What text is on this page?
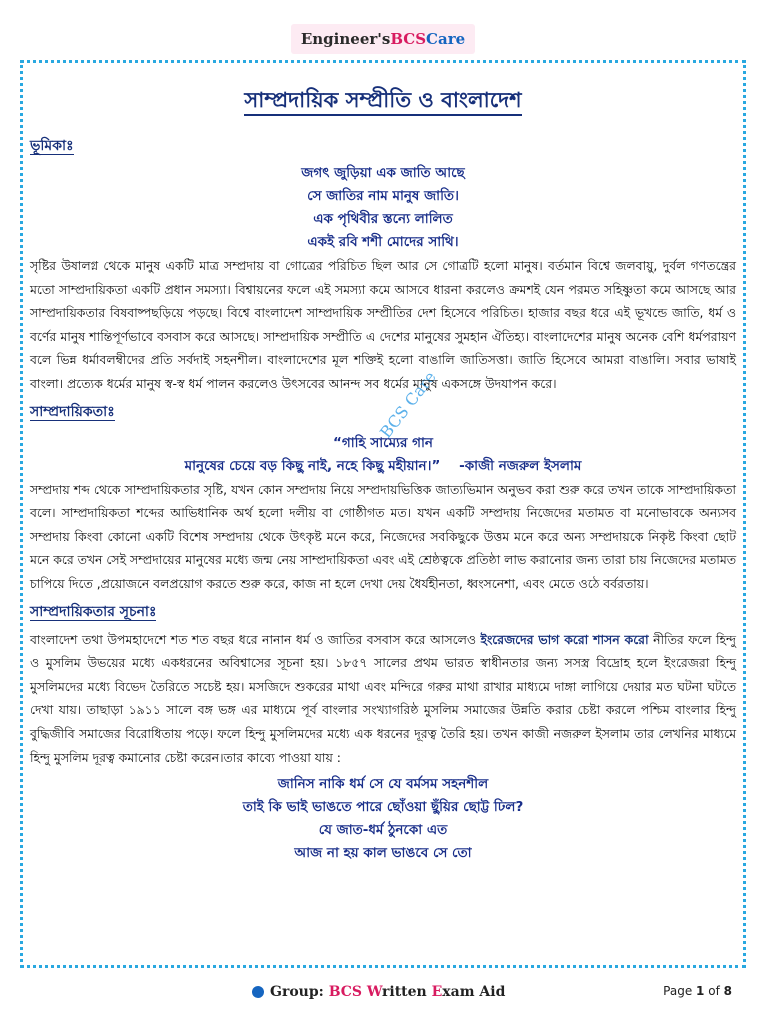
Engineer's BCS Care
BCS Care
সাম্প্রদায়িক সম্প্রীতি ও বাংলাদেশ
ভূমিকাঃ

জগৎ জুড়িয়া এক জাতি আছে

সে জাতির নাম মানুষ জাতি।

এক পৃথিবীর স্তন্যে লালিত

একই রবি শশী মোদের সাথি।

সৃষ্টির উষালগ্ন থেকে মানুষ একটি মাত্র সম্প্রদায় বা গোত্রের পরিচিত ছিল আর সে গোত্রটি হলো মানুষ। বর্তমান বিশ্বে জলবায়ু, দুর্বল গণতন্ত্রের মতো সাম্প্রদায়িকতা একটি প্রধান সমস্যা। বিশ্বায়নের ফলে এই সমস্যা কমে আসবে ধারনা করলেও ক্রমশই যেন পরমত সহিষ্ণুতা কমে আসছে আর সাম্প্রদায়িকতার বিষবাষ্পছড়িয়ে পড়ছে। বিশ্বে বাংলাদেশ সাম্প্রদায়িক সম্প্রীতির দেশ হিসেবে পরিচিত। হাজার বছর ধরে এই ভূখন্ডে জাতি, ধর্ম ও বর্ণের মানুষ শান্তিপূর্ণভাবে বসবাস করে আসছে। সাম্প্রদায়িক সম্প্রীতি এ দেশের মানুষের সুমহান ঐতিহ্য। বাংলাদেশের মানুষ অনেক বেশি ধর্মপরায়ণ বলে ভিন্ন ধর্মাবলম্বীদের প্রতি সর্বদাই সহনশীল। বাংলাদেশের মূল শক্তিই হলো বাঙালি জাতিসত্তা। জাতি হিসেবে আমরা বাঙালি। সবার ভাষাই বাংলা। প্রত্যেক ধর্মের মানুষ স্ব-স্ব ধর্ম পালন করলেও উৎসবের আনন্দ সব ধর্মের মানুষ একসঙ্গে উদযাপন করে।

সাম্প্রদায়িকতাঃ

“গাহি সাম্যের গান

মানুষের চেয়ে বড় কিছু নাই, নহে কিছু মহীয়ান।” -কাজী নজরুল ইসলাম

সম্প্রদায় শব্দ থেকে সাম্প্রদায়িকতার সৃষ্টি, যখন কোন সম্প্রদায় নিয়ে সম্প্রদায়ভিত্তিক জাত্যভিমান অনুভব করা শুরু করে তখন তাকে সাম্প্রদায়িকতা বলে। সাম্প্রদায়িকতা শব্দের আভিধানিক অর্থ হলো দলীয় বা গোষ্ঠীগত মত। যখন একটি সম্প্রদায় নিজেদের মতামত বা মনোভাবকে অন্যসব সম্প্রদায় কিংবা কোনো একটি বিশেষ সম্প্রদায় থেকে উৎকৃষ্ট মনে করে, নিজেদের সবকিছুকে উত্তম মনে করে অন্য সম্প্রদায়কে নিকৃষ্ট কিংবা ছোট মনে করে তখন সেই সম্প্রদায়ের মানুষের মধ্যে জন্ম নেয় সাম্প্রদায়িকতা এবং এই শ্রেষ্ঠত্বকে প্রতিষ্ঠা লাভ করানোর জন্য তারা চায় নিজেদের মতামত চাপিয়ে দিতে ,প্রয়োজনে বলপ্রয়োগ করতে শুরু করে, কাজ না হলে দেখা দেয় ধৈর্যহীনতা, ধ্বংসনেশা, এবং মেতে ওঠে বর্বরতায়।

সাম্প্রদায়িকতার সূচনাঃ

বাংলাদেশ তথা উপমহাদেশে শত শত বছর ধরে নানান ধর্ম ও জাতির বসবাস করে আসলেও ইংরেজদের ভাগ করো শাসন করো নীতির ফলে হিন্দু ও মুসলিম উভয়ের মধ্যে একধরনের অবিশ্বাসের সূচনা হয়। ১৮৫৭ সালের প্রথম ভারত স্বাধীনতার জন্য সসস্ত্র বিদ্রোহ হলে ইংরেজরা হিন্দু মুসলিমদের মধ্যে বিভেদ তৈরিতে সচেষ্ট হয়। মসজিদে শুকরের মাথা এবং মন্দিরে গরুর মাথা রাখার মাধ্যমে দাঙ্গা লাগিয়ে দেয়ার মত ঘটনা ঘটতে দেখা যায়। তাছাড়া ১৯১১ সালে বঙ্গ ভঙ্গ এর মাধ্যমে পূর্ব বাংলার সংখ্যাগরিষ্ঠ মুসলিম সমাজের উন্নতি করার চেষ্টা করলে পশ্চিম বাংলার হিন্দু বুদ্ধিজীবি সমাজের বিরোধিতায় পড়ে। ফলে হিন্দু মুসলিমদের মধ্যে এক ধরনের দূরত্ব তৈরি হয়। তখন কাজী নজরুল ইসলাম তার লেখনির মাধ্যমে হিন্দু মুসলিম দূরত্ব কমানোর চেষ্টা করেন।তার কাব্যে পাওয়া যায় :

জানিস নাকি ধর্ম সে যে বর্মসম সহনশীল

তাই কি ভাই ভাঙতে পারে ছোঁওয়া ছুঁয়ির ছোট্ট ঢিল?

যে জাত-ধর্ম ঠুনকো এত

আজ না হয় কাল ভাঙবে সে তো

Group: BCS Written Exam Aid	Page 1 of 8
